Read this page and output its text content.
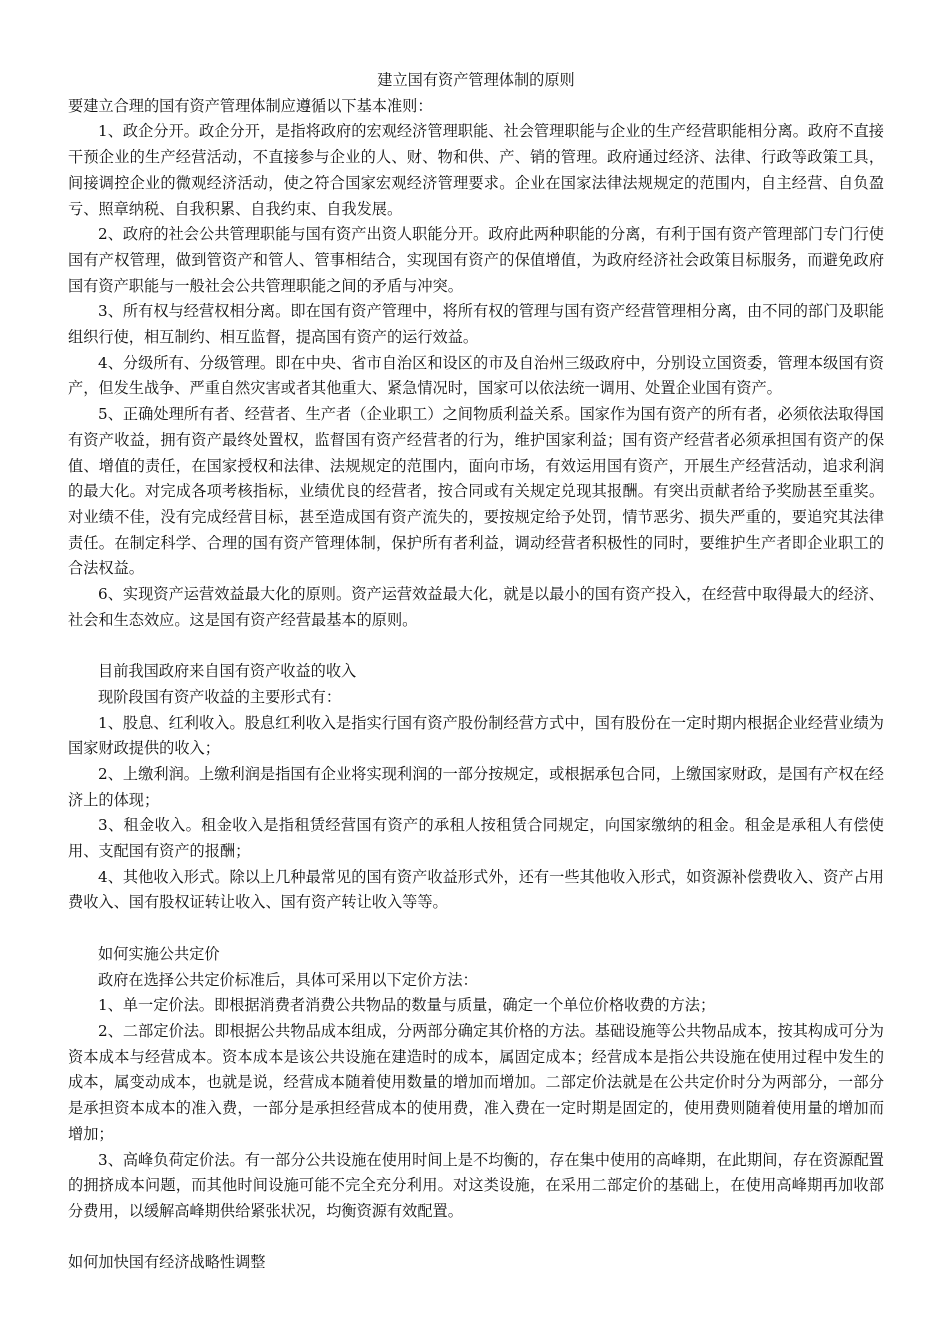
建立国有资产管理体制的原则

要建立合理的国有资产管理体制应遵循以下基本准则：

1、政企分开。政企分开，是指将政府的宏观经济管理职能、社会管理职能与企业的生产经营职能相分离。政府不直接干预企业的生产经营活动，不直接参与企业的人、财、物和供、产、销的管理。政府通过经济、法律、行政等政策工具，间接调控企业的微观经济活动，使之符合国家宏观经济管理要求。企业在国家法律法规规定的范围内，自主经营、自负盈亏、照章纳税、自我积累、自我约束、自我发展。

2、政府的社会公共管理职能与国有资产出资人职能分开。政府此两种职能的分离，有利于国有资产管理部门专门行使国有产权管理，做到管资产和管人、管事相结合，实现国有资产的保值增值，为政府经济社会政策目标服务，而避免政府国有资产职能与一般社会公共管理职能之间的矛盾与冲突。

3、所有权与经营权相分离。即在国有资产管理中，将所有权的管理与国有资产经营管理相分离，由不同的部门及职能组织行使，相互制约、相互监督，提高国有资产的运行效益。

4、分级所有、分级管理。即在中央、省市自治区和设区的市及自治州三级政府中，分别设立国资委，管理本级国有资产，但发生战争、严重自然灾害或者其他重大、紧急情况时，国家可以依法统一调用、处置企业国有资产。

5、正确处理所有者、经营者、生产者（企业职工）之间物质利益关系。国家作为国有资产的所有者，必须依法取得国有资产收益，拥有资产最终处置权，监督国有资产经营者的行为，维护国家利益；国有资产经营者必须承担国有资产的保值、增值的责任，在国家授权和法律、法规规定的范围内，面向市场，有效运用国有资产，开展生产经营活动，追求利润的最大化。对完成各项考核指标，业绩优良的经营者，按合同或有关规定兑现其报酬。有突出贡献者给予奖励甚至重奖。对业绩不佳，没有完成经营目标，甚至造成国有资产流失的，要按规定给予处罚，情节恶劣、损失严重的，要追究其法律责任。在制定科学、合理的国有资产管理体制，保护所有者利益，调动经营者积极性的同时，要维护生产者即企业职工的合法权益。

6、实现资产运营效益最大化的原则。资产运营效益最大化，就是以最小的国有资产投入，在经营中取得最大的经济、社会和生态效应。这是国有资产经营最基本的原则。

目前我国政府来自国有资产收益的收入

现阶段国有资产收益的主要形式有：

1、股息、红利收入。股息红利收入是指实行国有资产股份制经营方式中，国有股份在一定时期内根据企业经营业绩为国家财政提供的收入；

2、上缴利润。上缴利润是指国有企业将实现利润的一部分按规定，或根据承包合同，上缴国家财政，是国有产权在经济上的体现；

3、租金收入。租金收入是指租赁经营国有资产的承租人按租赁合同规定，向国家缴纳的租金。租金是承租人有偿使用、支配国有资产的报酬；

4、其他收入形式。除以上几种最常见的国有资产收益形式外，还有一些其他收入形式，如资源补偿费收入、资产占用费收入、国有股权证转让收入、国有资产转让收入等等。

如何实施公共定价

政府在选择公共定价标准后，具体可采用以下定价方法：

1、单一定价法。即根据消费者消费公共物品的数量与质量，确定一个单位价格收费的方法；

2、二部定价法。即根据公共物品成本组成，分两部分确定其价格的方法。基础设施等公共物品成本，按其构成可分为资本成本与经营成本。资本成本是该公共设施在建造时的成本，属固定成本；经营成本是指公共设施在使用过程中发生的成本，属变动成本，也就是说，经营成本随着使用数量的增加而增加。二部定价法就是在公共定价时分为两部分，一部分是承担资本成本的准入费，一部分是承担经营成本的使用费，准入费在一定时期是固定的，使用费则随着使用量的增加而增加；

3、高峰负荷定价法。有一部分公共设施在使用时间上是不均衡的，存在集中使用的高峰期，在此期间，存在资源配置的拥挤成本问题，而其他时间设施可能不完全充分利用。对这类设施，在采用二部定价的基础上，在使用高峰期再加收部分费用，以缓解高峰期供给紧张状况，均衡资源有效配置。

如何加快国有经济战略性调整
